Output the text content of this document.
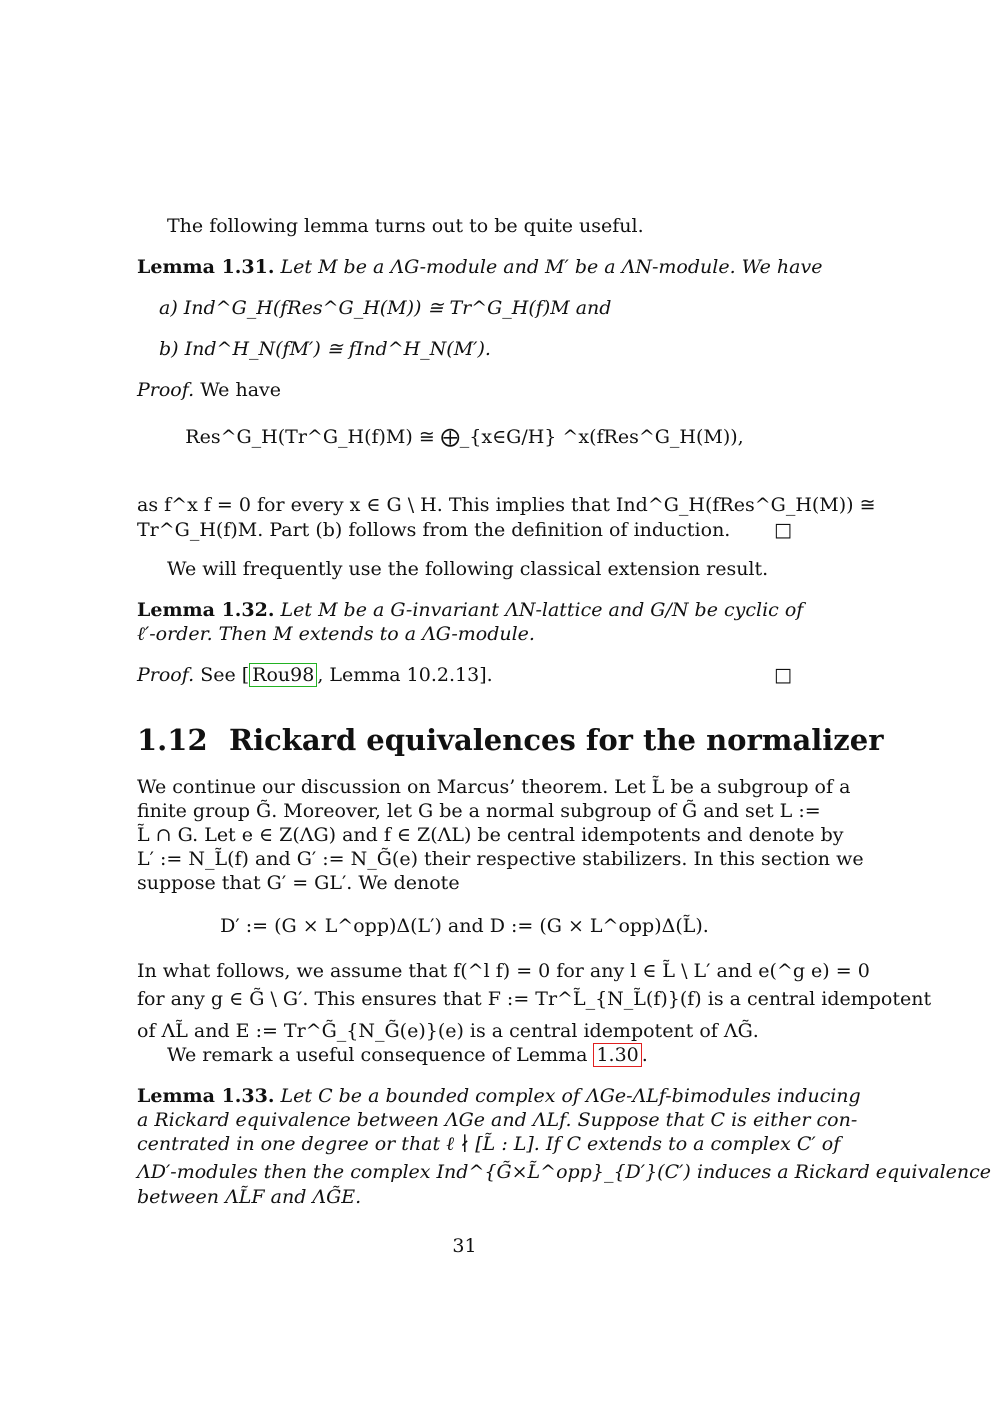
The following lemma turns out to be quite useful.
Lemma 1.31. Let M be a ΛG-module and M′ be a ΛN-module. We have
a) Ind^G_H(fRes^G_H(M)) ≅ Tr^G_H(f)M and
b) Ind^H_N(fM′) ≅ fInd^H_N(M′).
Proof. We have
Res^G_H(Tr^G_H(f)M) ≅ ⨁_{x∈G/H} ^x(fRes^G_H(M)),
as f^x f = 0 for every x ∈ G \ H. This implies that Ind^G_H(fRes^G_H(M)) ≅
Tr^G_H(f)M. Part (b) follows from the definition of induction. □
We will frequently use the following classical extension result.
Lemma 1.32. Let M be a G-invariant ΛN-lattice and G/N be cyclic of
ℓ′-order. Then M extends to a ΛG-module.
Proof. See [ Rou98 , Lemma 10.2.13].	□
1.12 Rickard equivalences for the normalizer
We continue our discussion on Marcus’ theorem. Let L̃ be a subgroup of a
finite group G̃. Moreover, let G be a normal subgroup of G̃ and set L :=
L̃ ∩ G. Let e ∈ Z(ΛG) and f ∈ Z(ΛL) be central idempotents and denote by
L′ := N_L̃(f) and G′ := N_G̃(e) their respective stabilizers. In this section we
suppose that G′ = GL′. We denote
D′ := (G × L^opp)Δ(L′) and D := (G × L^opp)Δ(L̃).
In what follows, we assume that f(^l f) = 0 for any l ∈ L̃ \ L′ and e(^g e) = 0
for any g ∈ G̃ \ G′. This ensures that F := Tr^L̃_{N_L̃(f)}(f) is a central idempotent
of ΛL̃ and E := Tr^G̃_{N_G̃(e)}(e) is a central idempotent of ΛG̃.
We remark a useful consequence of Lemma 1.30 .
Lemma 1.33. Let C be a bounded complex of ΛGe-ΛLf-bimodules inducing
a Rickard equivalence between ΛGe and ΛLf. Suppose that C is either con-
centrated in one degree or that ℓ ∤ [L̃ : L]. If C extends to a complex C′ of
ΛD′-modules then the complex Ind^{G̃×L̃^opp}_{D′}(C′) induces a Rickard equivalence
between ΛL̃F and ΛG̃E.
31
